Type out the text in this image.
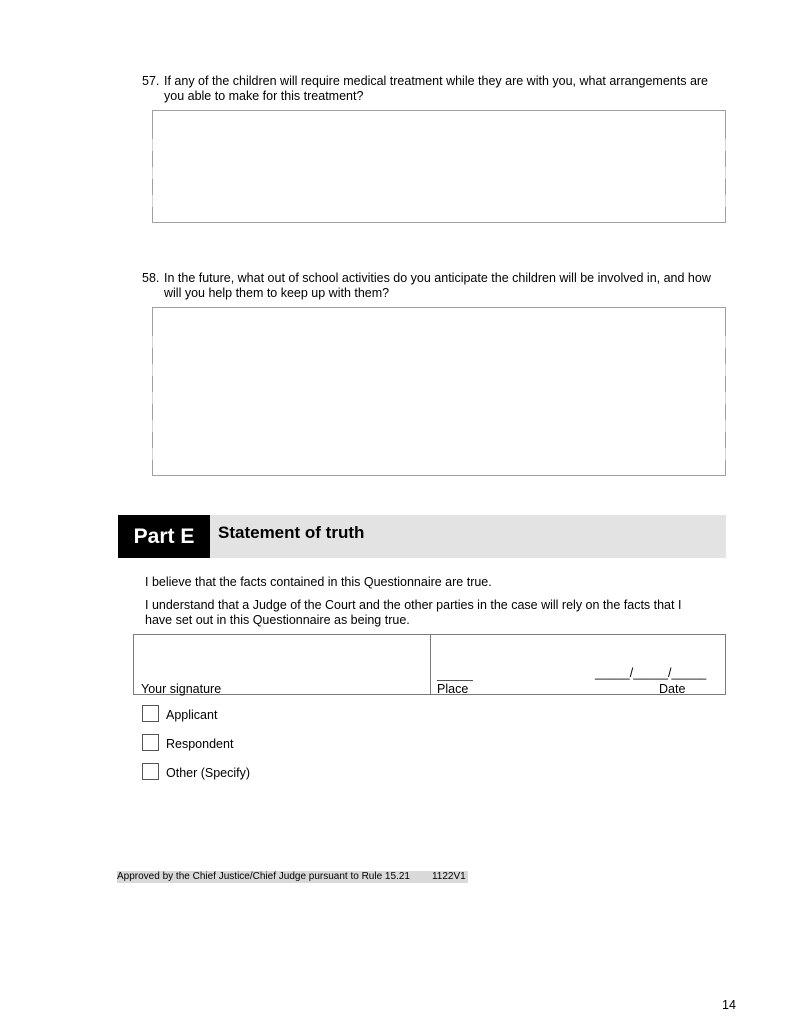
57. If any of the children will require medical treatment while they are with you, what arrangements are you able to make for this treatment?
58. In the future, what out of school activities do you anticipate the children will be involved in, and how will you help them to keep up with them?
Part E	Statement of truth
I believe that the facts contained in this Questionnaire are true.
I understand that a Judge of the Court and the other parties in the case will rely on the facts that I have set out in this Questionnaire as being true.
Your signature	Place
_____/_____/_____
Date
Applicant
Respondent
Other (Specify)
Approved by the Chief Justice/Chief Judge pursuant to Rule 15.21 1122V1
14
